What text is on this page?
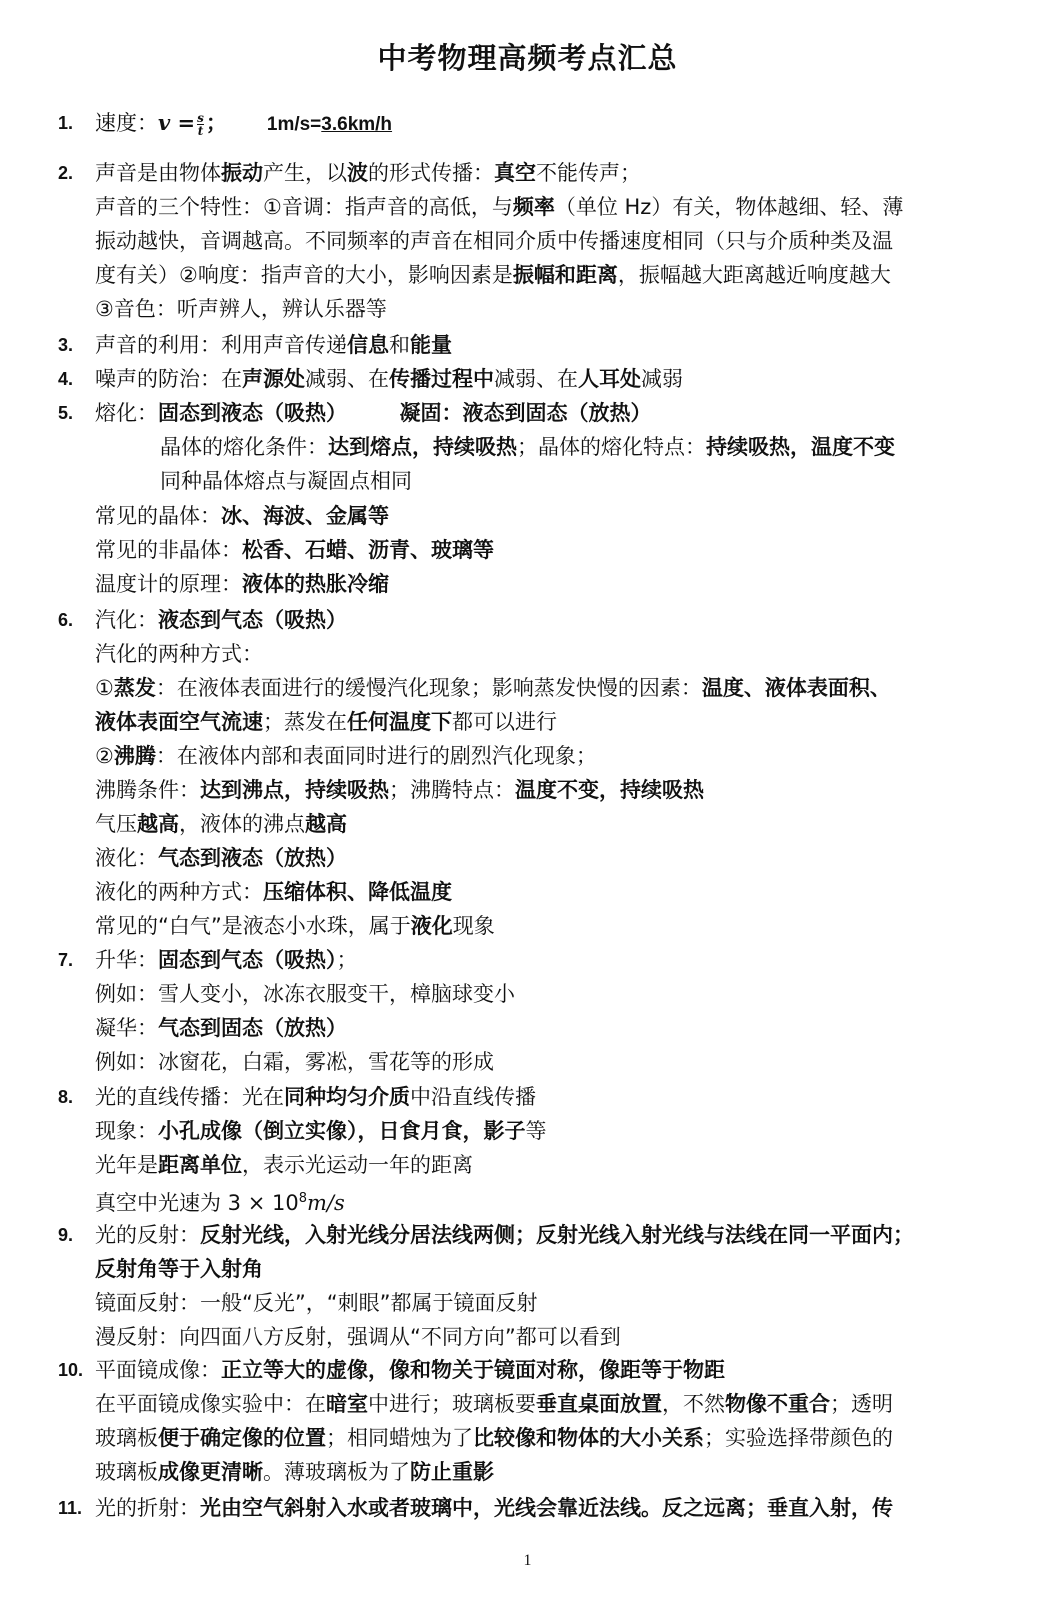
中考物理高频考点汇总
1. 速度：$v = \frac{s}{t}$ ； 1m/s=3.6km/h
2. 声音是由物体振动产生，以波的形式传播：真空不能传声；
3. 声音的利用：利用声音传递信息和能量
4. 噪声的防治：在声源处减弱、在传播过程中减弱、在人耳处减弱
5. 熔化：固态到液态（吸热）　　　	凝固：液态到固态（放热）
6. 汽化：液态到气态（吸热）
7. 升华：固态到气态（吸热）；
8. 光的直线传播：光在同种均匀介质中沿直线传播
9. 光的反射：反射光线，入射光线分居法线两侧；反射光线入射光线与法线在同一平面内；
10. 平面镜成像：正立等大的虚像，像和物关于镜面对称，像距等于物距
11. 光的折射：光由空气斜射入水或者玻璃中，光线会靠近法线。反之远离；垂直入射，传
声音的三个特性：①音调：指声音的高低，与频率（单位 Hz）有关，物体越细、轻、薄
振动越快，音调越高。不同频率的声音在相同介质中传播速度相同（只与介质种类及温
度有关）②响度：指声音的大小，影响因素是振幅和距离，振幅越大距离越近响度越大
③音色：听声辨人，辨认乐器等
晶体的熔化条件：达到熔点，持续吸热；晶体的熔化特点：持续吸热，温度不变
同种晶体熔点与凝固点相同
常见的晶体：冰、海波、金属等
常见的非晶体：松香、石蜡、沥青、玻璃等
温度计的原理：液体的热胀冷缩
汽化的两种方式：
①蒸发：在液体表面进行的缓慢汽化现象；影响蒸发快慢的因素：温度、液体表面积、
液体表面空气流速；蒸发在任何温度下都可以进行
②沸腾：在液体内部和表面同时进行的剧烈汽化现象；
沸腾条件：达到沸点，持续吸热；沸腾特点：温度不变，持续吸热
气压越高，液体的沸点越高
液化：气态到液态（放热）
液化的两种方式：压缩体积、降低温度
常见的“白气”是液态小水珠，属于液化现象
例如：雪人变小，冰冻衣服变干，樟脑球变小
凝华：气态到固态（放热）
例如：冰窗花，白霜，雾凇，雪花等的形成
现象：小孔成像（倒立实像），日食月食，影子等
光年是距离单位，表示光运动一年的距离
反射角等于入射角
镜面反射：一般“反光”，“刺眼”都属于镜面反射
漫反射：向四面八方反射，强调从“不同方向”都可以看到
在平面镜成像实验中：在暗室中进行；玻璃板要垂直桌面放置，不然物像不重合；透明
玻璃板便于确定像的位置；相同蜡烛为了比较像和物体的大小关系；实验选择带颜色的
玻璃板成像更清晰。薄玻璃板为了防止重影
真空中光速为 $3 \times 10^8m/s$
1
